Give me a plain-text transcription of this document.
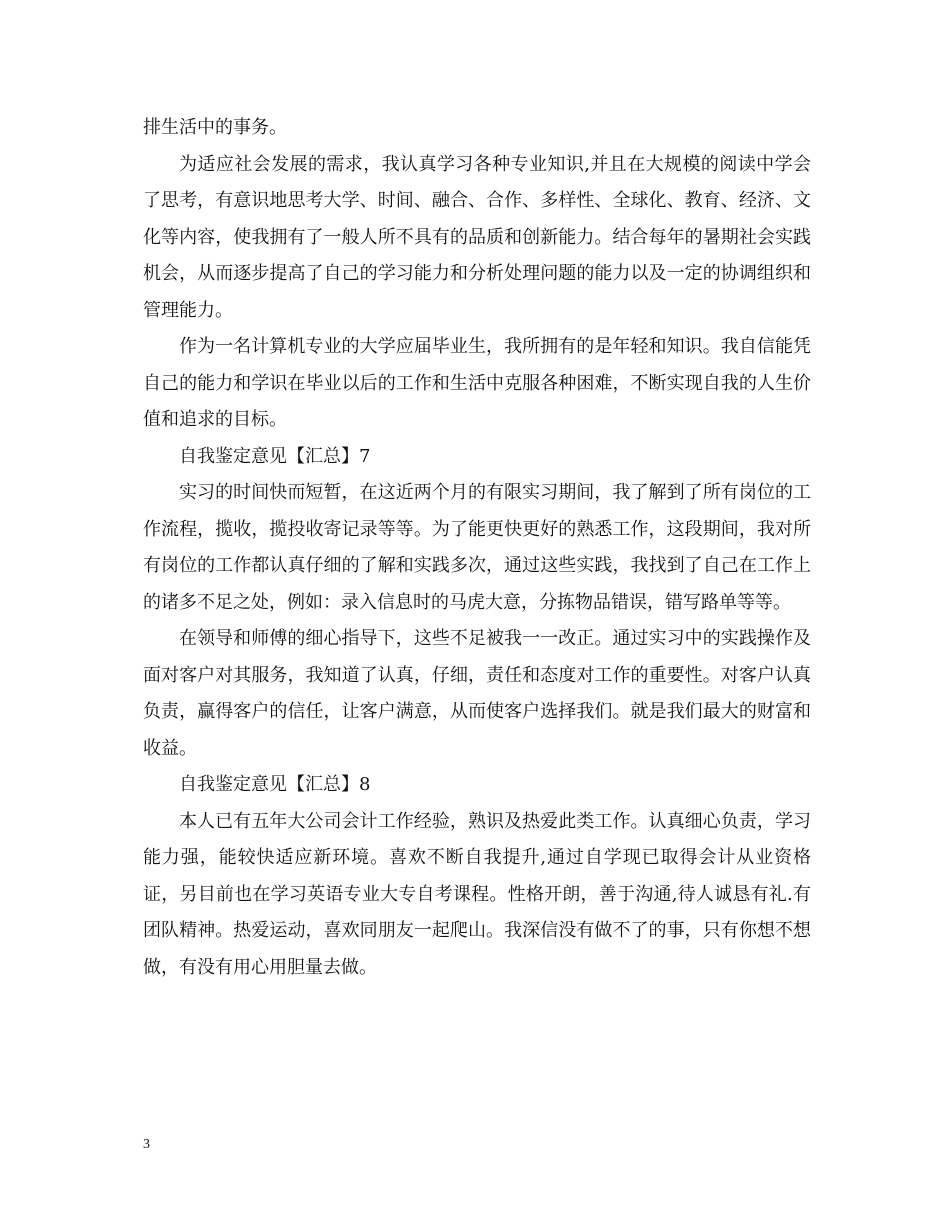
排生活中的事务。

为适应社会发展的需求，我认真学习各种专业知识,并且在大规模的阅读中学会了思考，有意识地思考大学、时间、融合、合作、多样性、全球化、教育、经济、文化等内容，使我拥有了一般人所不具有的品质和创新能力。结合每年的暑期社会实践机会，从而逐步提高了自己的学习能力和分析处理问题的能力以及一定的协调组织和管理能力。

作为一名计算机专业的大学应届毕业生，我所拥有的是年轻和知识。我自信能凭自己的能力和学识在毕业以后的工作和生活中克服各种困难，不断实现自我的人生价值和追求的目标。

自我鉴定意见【汇总】7

实习的时间快而短暂，在这近两个月的有限实习期间，我了解到了所有岗位的工作流程，揽收，揽投收寄记录等等。为了能更快更好的熟悉工作，这段期间，我对所有岗位的工作都认真仔细的了解和实践多次，通过这些实践，我找到了自己在工作上的诸多不足之处，例如：录入信息时的马虎大意，分拣物品错误，错写路单等等。

在领导和师傅的细心指导下，这些不足被我一一改正。通过实习中的实践操作及面对客户对其服务，我知道了认真，仔细，责任和态度对工作的重要性。对客户认真负责，赢得客户的信任，让客户满意，从而使客户选择我们。就是我们最大的财富和收益。

自我鉴定意见【汇总】8

本人已有五年大公司会计工作经验，熟识及热爱此类工作。认真细心负责，学习能力强，能较快适应新环境。喜欢不断自我提升,通过自学现已取得会计从业资格证，另目前也在学习英语专业大专自考课程。性格开朗，善于沟通,待人诚恳有礼.有团队精神。热爱运动，喜欢同朋友一起爬山。我深信没有做不了的事，只有你想不想做，有没有用心用胆量去做。

3
